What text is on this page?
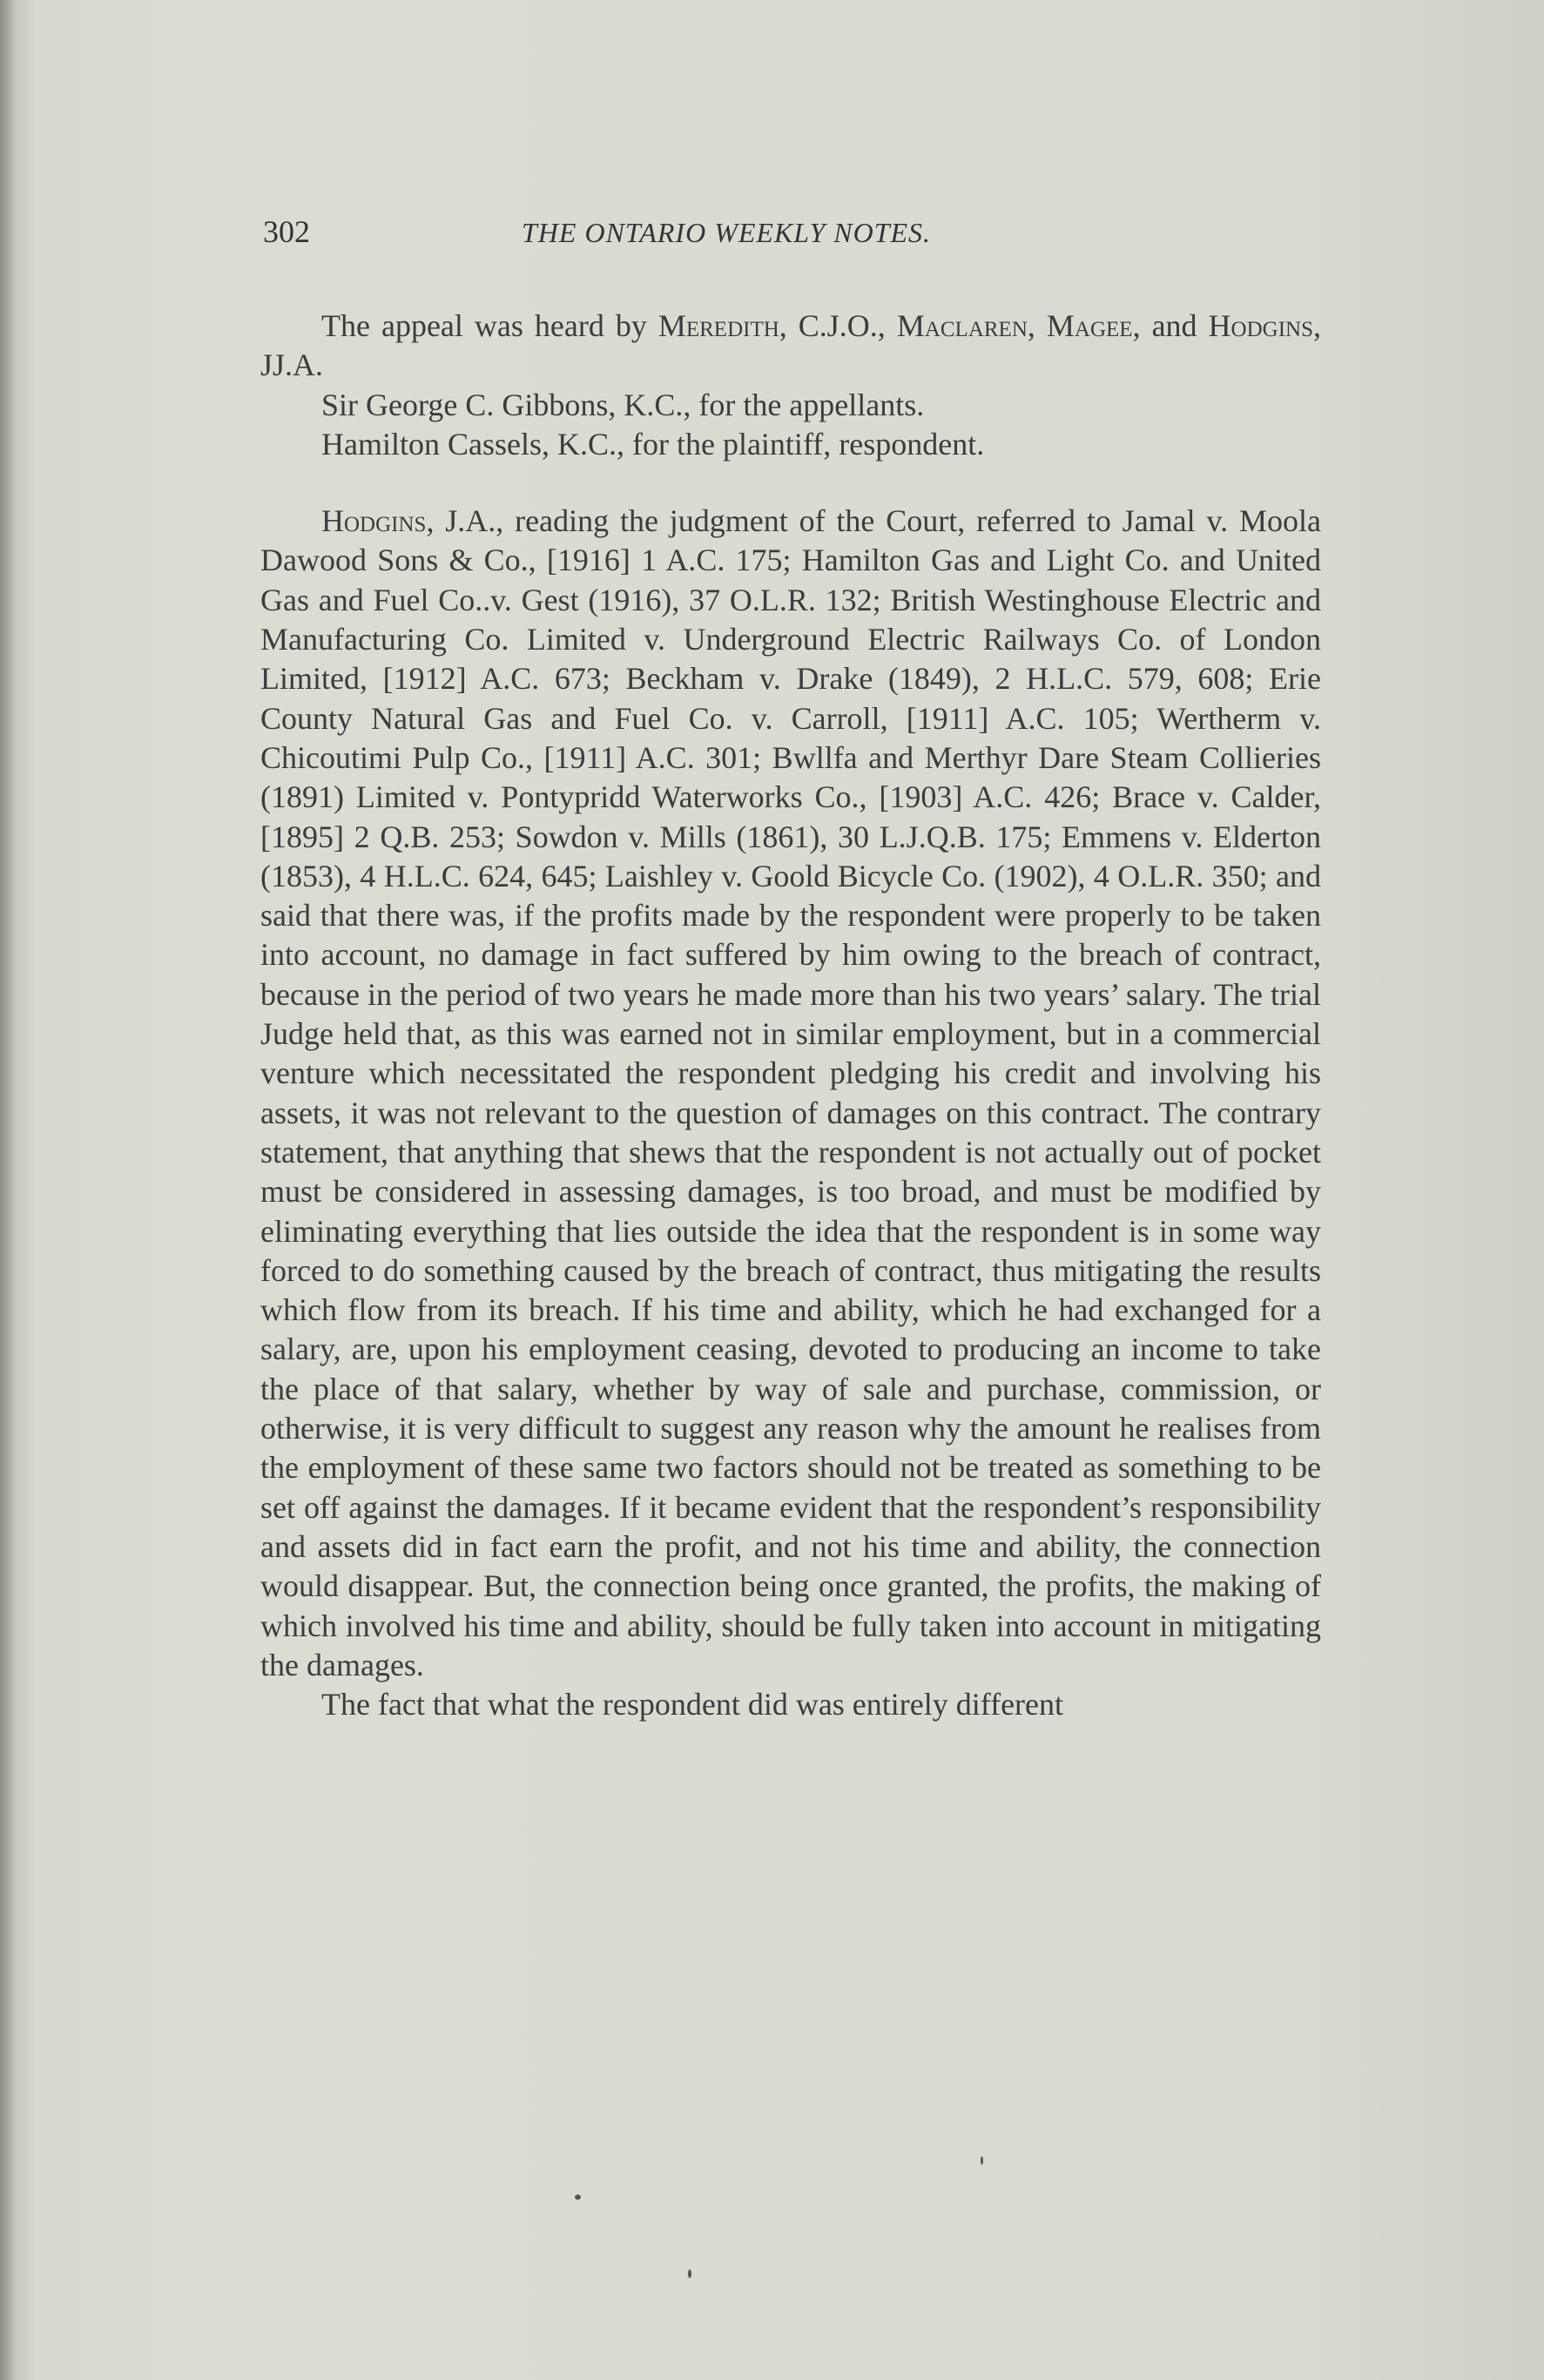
302	THE ONTARIO WEEKLY NOTES.

The appeal was heard by Meredith, C.J.O., Maclaren, Magee, and Hodgins, JJ.A.

Sir George C. Gibbons, K.C., for the appellants.

Hamilton Cassels, K.C., for the plaintiff, respondent.

Hodgins, J.A., reading the judgment of the Court, referred to Jamal v. Moola Dawood Sons & Co., [1916] 1 A.C. 175; Hamilton Gas and Light Co. and United Gas and Fuel Co..v. Gest (1916), 37 O.L.R. 132; British Westinghouse Electric and Manufacturing Co. Limited v. Underground Electric Railways Co. of London Limited, [1912] A.C. 673; Beckham v. Drake (1849), 2 H.L.C. 579, 608; Erie County Natural Gas and Fuel Co. v. Carroll, [1911] A.C. 105; Wertherm v. Chicoutimi Pulp Co., [1911] A.C. 301; Bwllfa and Merthyr Dare Steam Collieries (1891) Limited v. Pontypridd Waterworks Co., [1903] A.C. 426; Brace v. Calder, [1895] 2 Q.B. 253; Sowdon v. Mills (1861), 30 L.J.Q.B. 175; Emmens v. Elderton (1853), 4 H.L.C. 624, 645; Laishley v. Goold Bicycle Co. (1902), 4 O.L.R. 350; and said that there was, if the profits made by the respondent were properly to be taken into account, no damage in fact suffered by him owing to the breach of contract, because in the period of two years he made more than his two years’ salary. The trial Judge held that, as this was earned not in similar employment, but in a commercial venture which necessitated the respondent pledging his credit and involving his assets, it was not relevant to the question of damages on this contract. The contrary statement, that anything that shews that the respondent is not actually out of pocket must be considered in assessing damages, is too broad, and must be modified by eliminating everything that lies outside the idea that the respondent is in some way forced to do something caused by the breach of contract, thus mitigating the results which flow from its breach. If his time and ability, which he had exchanged for a salary, are, upon his employment ceasing, devoted to producing an income to take the place of that salary, whether by way of sale and purchase, commission, or otherwise, it is very difficult to suggest any reason why the amount he realises from the employment of these same two factors should not be treated as something to be set off against the damages. If it became evident that the respondent’s responsibility and assets did in fact earn the profit, and not his time and ability, the connection would disappear. But, the connection being once granted, the profits, the making of which involved his time and ability, should be fully taken into account in mitigating the damages.

The fact that what the respondent did was entirely different
